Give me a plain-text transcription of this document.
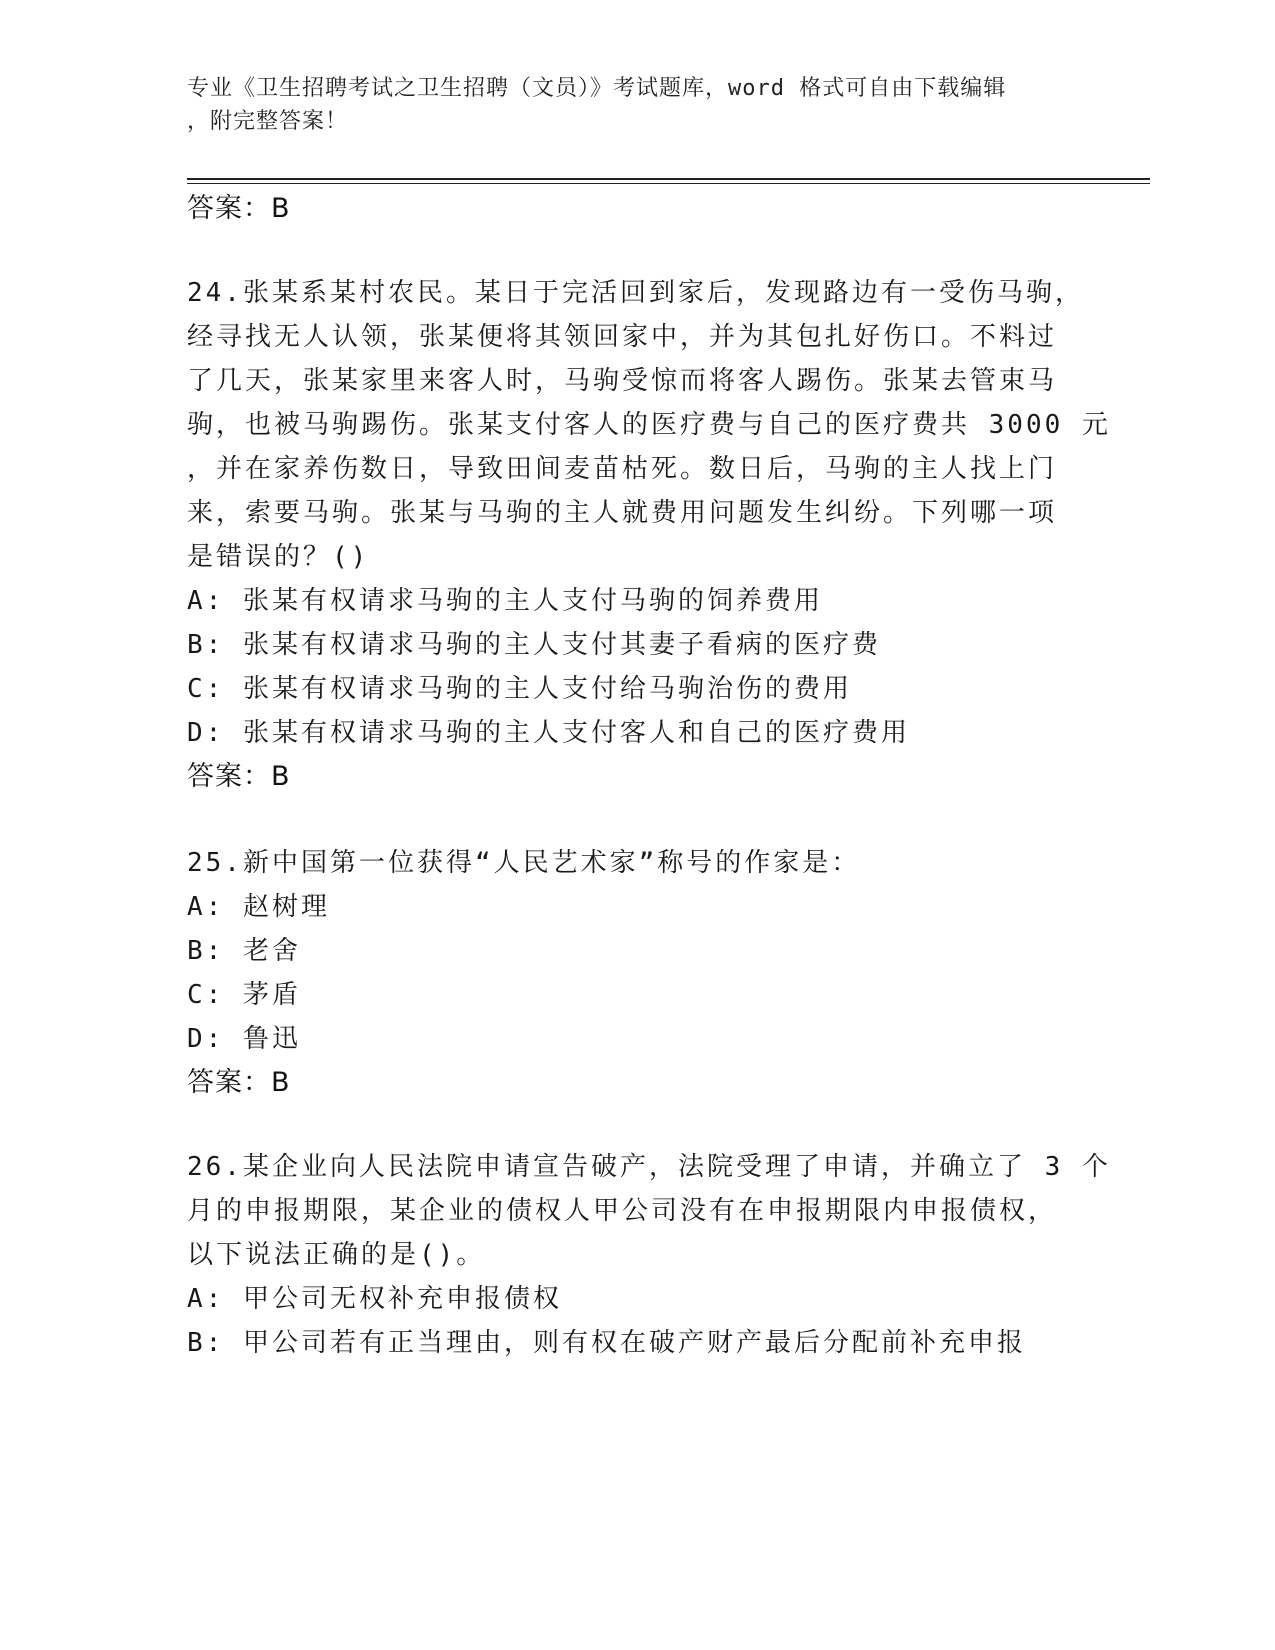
专业《卫生招聘考试之卫生招聘（文员）》考试题库，word 格式可自由下载编辑
，附完整答案！
答案：B
24.张某系某村农民。某日于完活回到家后，发现路边有一受伤马驹，
经寻找无人认领，张某便将其领回家中，并为其包扎好伤口。不料过
了几天，张某家里来客人时，马驹受惊而将客人踢伤。张某去管束马
驹，也被马驹踢伤。张某支付客人的医疗费与自己的医疗费共 3000 元
，并在家养伤数日，导致田间麦苗枯死。数日后，马驹的主人找上门
来，索要马驹。张某与马驹的主人就费用问题发生纠纷。下列哪一项
是错误的？()
A: 张某有权请求马驹的主人支付马驹的饲养费用
B: 张某有权请求马驹的主人支付其妻子看病的医疗费
C: 张某有权请求马驹的主人支付给马驹治伤的费用
D: 张某有权请求马驹的主人支付客人和自己的医疗费用
答案：B
25.新中国第一位获得“人民艺术家”称号的作家是：
A: 赵树理
B: 老舍
C: 茅盾
D: 鲁迅
答案：B
26.某企业向人民法院申请宣告破产，法院受理了申请，并确立了 3 个
月的申报期限，某企业的债权人甲公司没有在申报期限内申报债权，
以下说法正确的是()。
A: 甲公司无权补充申报债权
B: 甲公司若有正当理由，则有权在破产财产最后分配前补充申报
